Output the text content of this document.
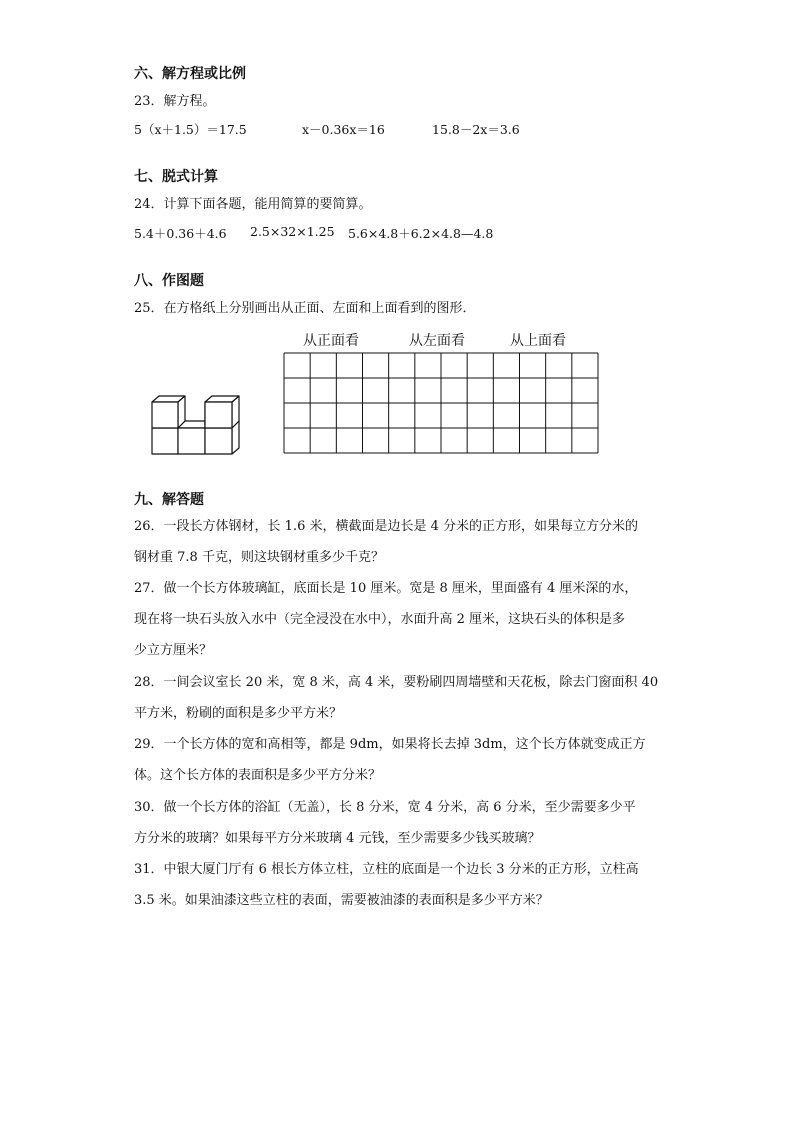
六、解方程或比例
23．解方程。
5（x＋1.5）＝17.5	x－0.36x＝16	15.8－2x＝3.6
七、脱式计算
24．计算下面各题，能用简算的要简算。
5.4＋0.36＋4.6 2.5×32×1.25 5.6×4.8＋6.2×4.8—4.8
八、作图题
25．在方格纸上分别画出从正面、左面和上面看到的图形．
从正面看	从左面看	从上面看
九、解答题
26．一段长方体钢材，长 1.6 米，横截面是边长是 4 分米的正方形，如果每立方分米的
钢材重 7.8 千克，则这块钢材重多少千克？
27．做一个长方体玻璃缸，底面长是 10 厘米。宽是 8 厘米，里面盛有 4 厘米深的水，
现在将一块石头放入水中（完全浸没在水中），水面升高 2 厘米，这块石头的体积是多
少立方厘米？
28．一间会议室长 20 米，宽 8 米，高 4 米，要粉刷四周墙壁和天花板，除去门窗面积 40
平方米，粉刷的面积是多少平方米？
29．一个长方体的宽和高相等，都是 9dm，如果将长去掉 3dm，这个长方体就变成正方
体。这个长方体的表面积是多少平方分米？
30．做一个长方体的浴缸（无盖），长 8 分米，宽 4 分米，高 6 分米，至少需要多少平
方分米的玻璃？如果每平方分米玻璃 4 元钱，至少需要多少钱买玻璃？
31．中银大厦门厅有 6 根长方体立柱，立柱的底面是一个边长 3 分米的正方形，立柱高
3.5 米。如果油漆这些立柱的表面，需要被油漆的表面积是多少平方米？
